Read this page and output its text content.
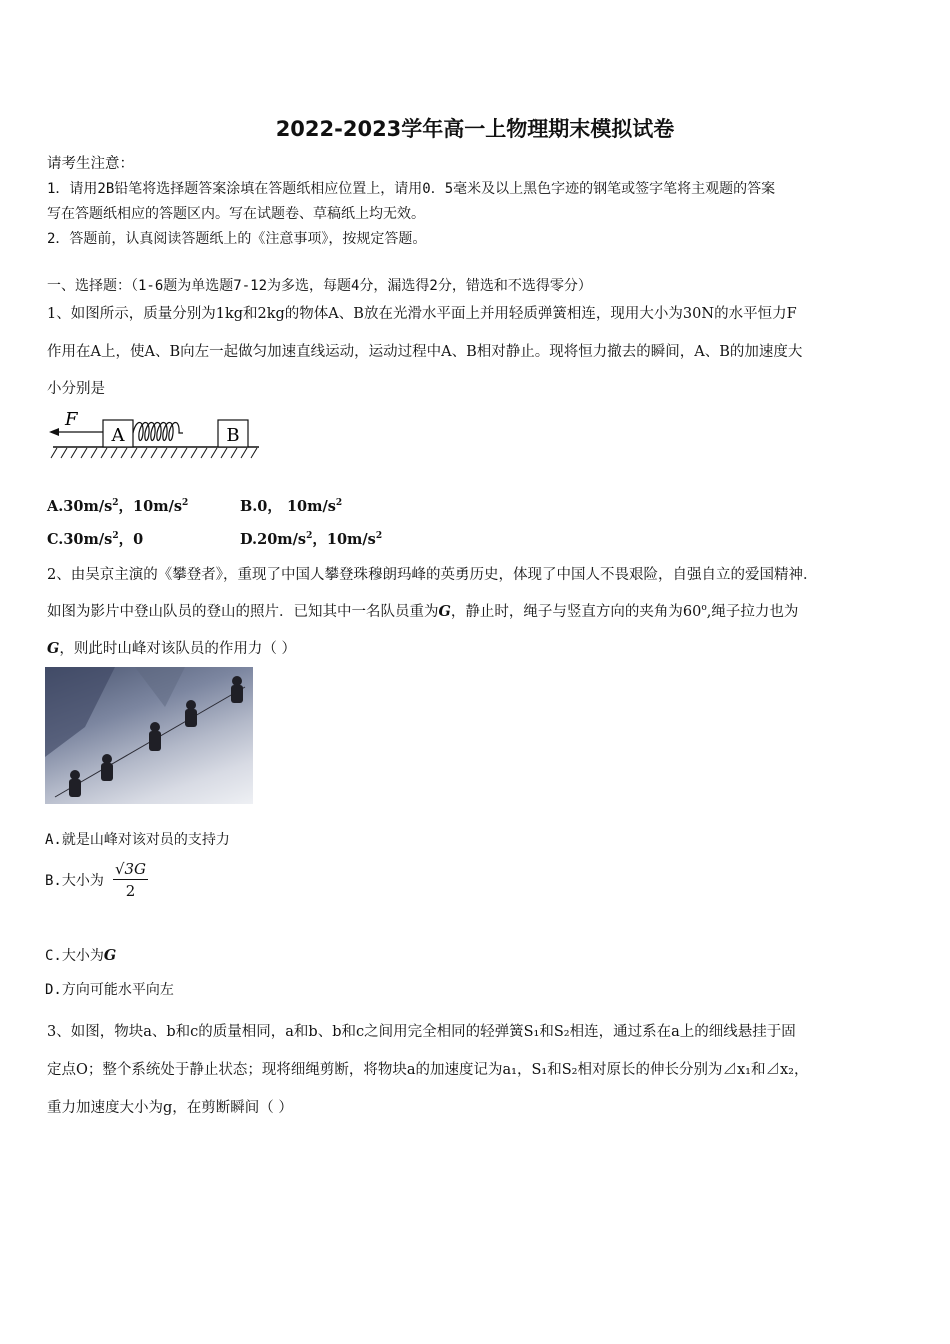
2022-2023学年高一上物理期末模拟试卷
请考生注意：
1．请用2B铅笔将选择题答案涂填在答题纸相应位置上，请用0．5毫米及以上黑色字迹的钢笔或签字笔将主观题的答案
写在答题纸相应的答题区内。写在试题卷、草稿纸上均无效。
2．答题前，认真阅读答题纸上的《注意事项》，按规定答题。
一、选择题：（1-6题为单选题7-12为多选，每题4分，漏选得2分，错选和不选得零分）
1、如图所示，质量分别为1kg和2kg的物体A、B放在光滑水平面上并用轻质弹簧相连，现用大小为30N的水平恒力F
作用在A上，使A、B向左一起做匀加速直线运动，运动过程中A、B相对静止。现将恒力撤去的瞬间，A、B的加速度大
小分别是
F
A	B
$A.30m/s^2$，$10m/s^2$	B.0， $10m/s^2$
$C.30m/s^2$，0	$D.20m/s^2$，$10m/s^2$
2、由吴京主演的《攀登者》，重现了中国人攀登珠穆朗玛峰的英勇历史，体现了中国人不畏艰险，自强自立的爱国精神．
如图为影片中登山队员的登山的照片．已知其中一名队员重为G，静止时，绳子与竖直方向的夹角为60$^o$,绳子拉力也为
G，则此时山峰对该队员的作用力（ ）
A.就是山峰对该对员的支持力
B.大小为 $\frac{√3G}{2}$
C.大小为G
D.方向可能水平向左
3、如图，物块a、b和c的质量相同，a和b、b和c之间用完全相同的轻弹簧S₁和S₂相连，通过系在a上的细线悬挂于固
定点O；整个系统处于静止状态；现将细绳剪断，将物块a的加速度记为a₁，S₁和S₂相对原长的伸长分别为⊿x₁和⊿x₂，
重力加速度大小为g，在剪断瞬间（ ）
